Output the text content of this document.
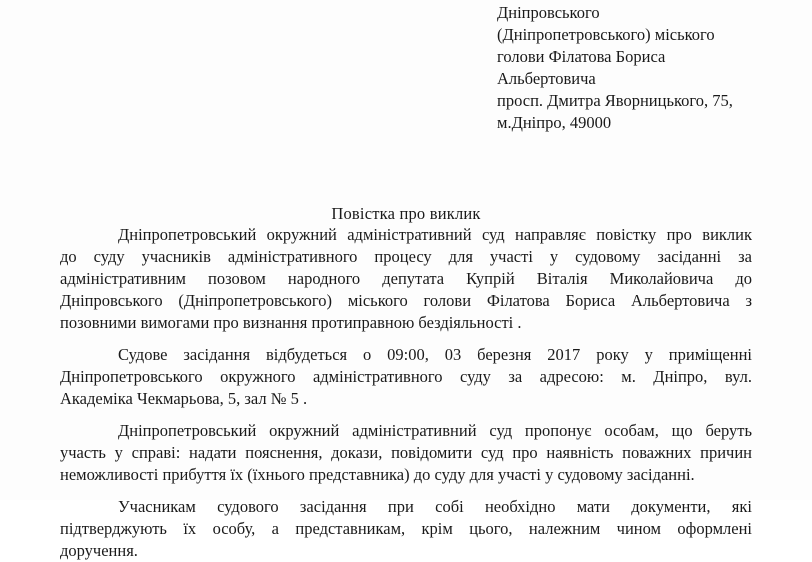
Дніпровського
(Дніпропетровського) міського
голови Філатова Бориса
Альбертовича
просп. Дмитра Яворницького, 75,
м.Дніпро, 49000
Повістка про виклик
Дніпропетровський окружний адміністративний суд направляє повістку про виклик
до суду учасників адміністративного процесу для участі у судовому засіданні за
адміністративним позовом народного депутата Купрій Віталія Миколайовича до
Дніпровського (Дніпропетровського) міського голови Філатова Бориса Альбертовича з
позовними вимогами про визнання протиправною бездіяльності .
Судове засідання відбудеться о 09:00, 03 березня 2017 року у приміщенні
Дніпропетровського окружного адміністративного суду за адресою: м. Дніпро, вул.
Академіка Чекмарьова, 5, зал № 5 .
Дніпропетровський окружний адміністративний суд пропонує особам, що беруть
участь у справі: надати пояснення, докази, повідомити суд про наявність поважних причин
неможливості прибуття їх (їхнього представника) до суду для участі у судовому засіданні.
Учасникам судового засідання при собі необхідно мати документи, які
підтверджують їх особу, а представникам, крім цього, належним чином оформлені
доручення.
